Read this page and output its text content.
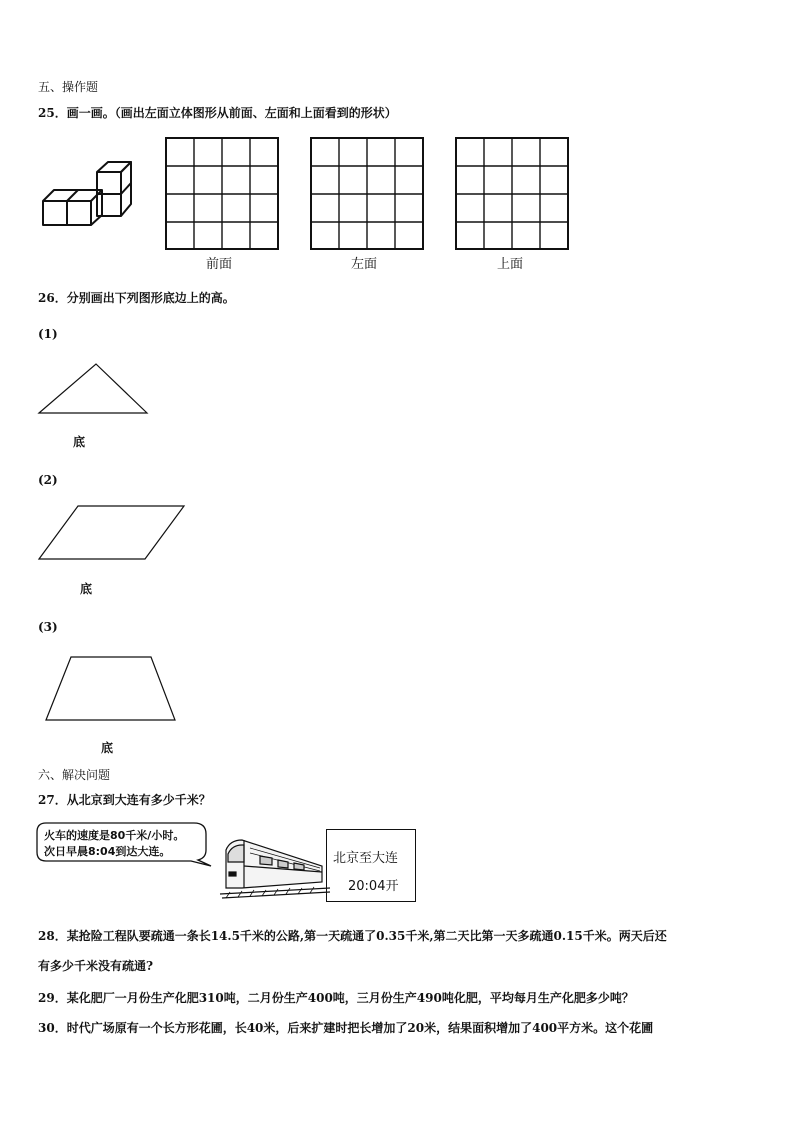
五、操作题
25．画一画。（画出左面立体图形从前面、左面和上面看到的形状）
前面	左面	上面
26．分别画出下列图形底边上的高。
(1)
底
(2)
底
(3)
底
六、解决问题
27．从北京到大连有多少千米？
火车的速度是80千米/小时。
次日早晨8:04到达大连。	北京至大连
20:04开
28．某抢险工程队要疏通一条长14.5千米的公路,第一天疏通了0.35千米,第二天比第一天多疏通0.15千米。两天后还
有多少千米没有疏通?
29．某化肥厂一月份生产化肥310吨，二月份生产400吨，三月份生产490吨化肥，平均每月生产化肥多少吨？
30．时代广场原有一个长方形花圃，长40米，后来扩建时把长增加了20米，结果面积增加了400平方米。这个花圃
